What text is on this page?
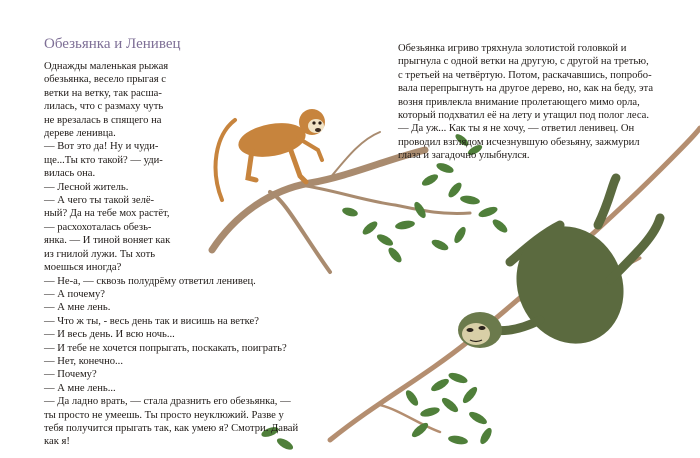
Обезьянка и Ленивец
Однажды маленькая рыжая
обезьянка, весело прыгая с
ветки на ветку, так расша-
лилась, что с размаху чуть
не врезалась в спящего на
дереве ленивца.
— Вот это да! Ну и чуди-
ще...Ты кто такой? — уди-
вилась она.
— Лесной житель.
— А чего ты такой зелё-
ный? Да на тебе мох растёт,
— расхохоталась обезь-
янка. — И тиной воняет как
из гнилой лужи. Ты хоть
моешься иногда?
— Не-а, — сквозь полудрёму ответил ленивец.
— А почему?
— А мне лень.
— Что ж ты, - весь день так и висишь на ветке?
— И весь день. И всю ночь...
— И тебе не хочется попрыгать, поскакать, поиграть?
— Нет, конечно...
— Почему?
— А мне лень...
— Да ладно врать, — стала дразнить его обезьянка, —
ты просто не умеешь. Ты просто неуклюжий. Разве у
тебя получится прыгать так, как умею я? Смотри. Давай
как я!
Обезьянка игриво тряхнула золотистой головкой и
прыгнула с одной ветки на другую, с другой на третью,
с третьей на четвёртую. Потом, раскачавшись, попробо-
вала перепрыгнуть на другое дерево, но, как на беду, эта
возня привлекла внимание пролетающего мимо орла,
который подхватил её на лету и утащил под полог леса.
— Да уж... Как ты я не хочу, — ответил ленивец. Он
проводил взглядом исчезнувшую обезьяну, зажмурил
глаза и загадочно улыбнулся.
